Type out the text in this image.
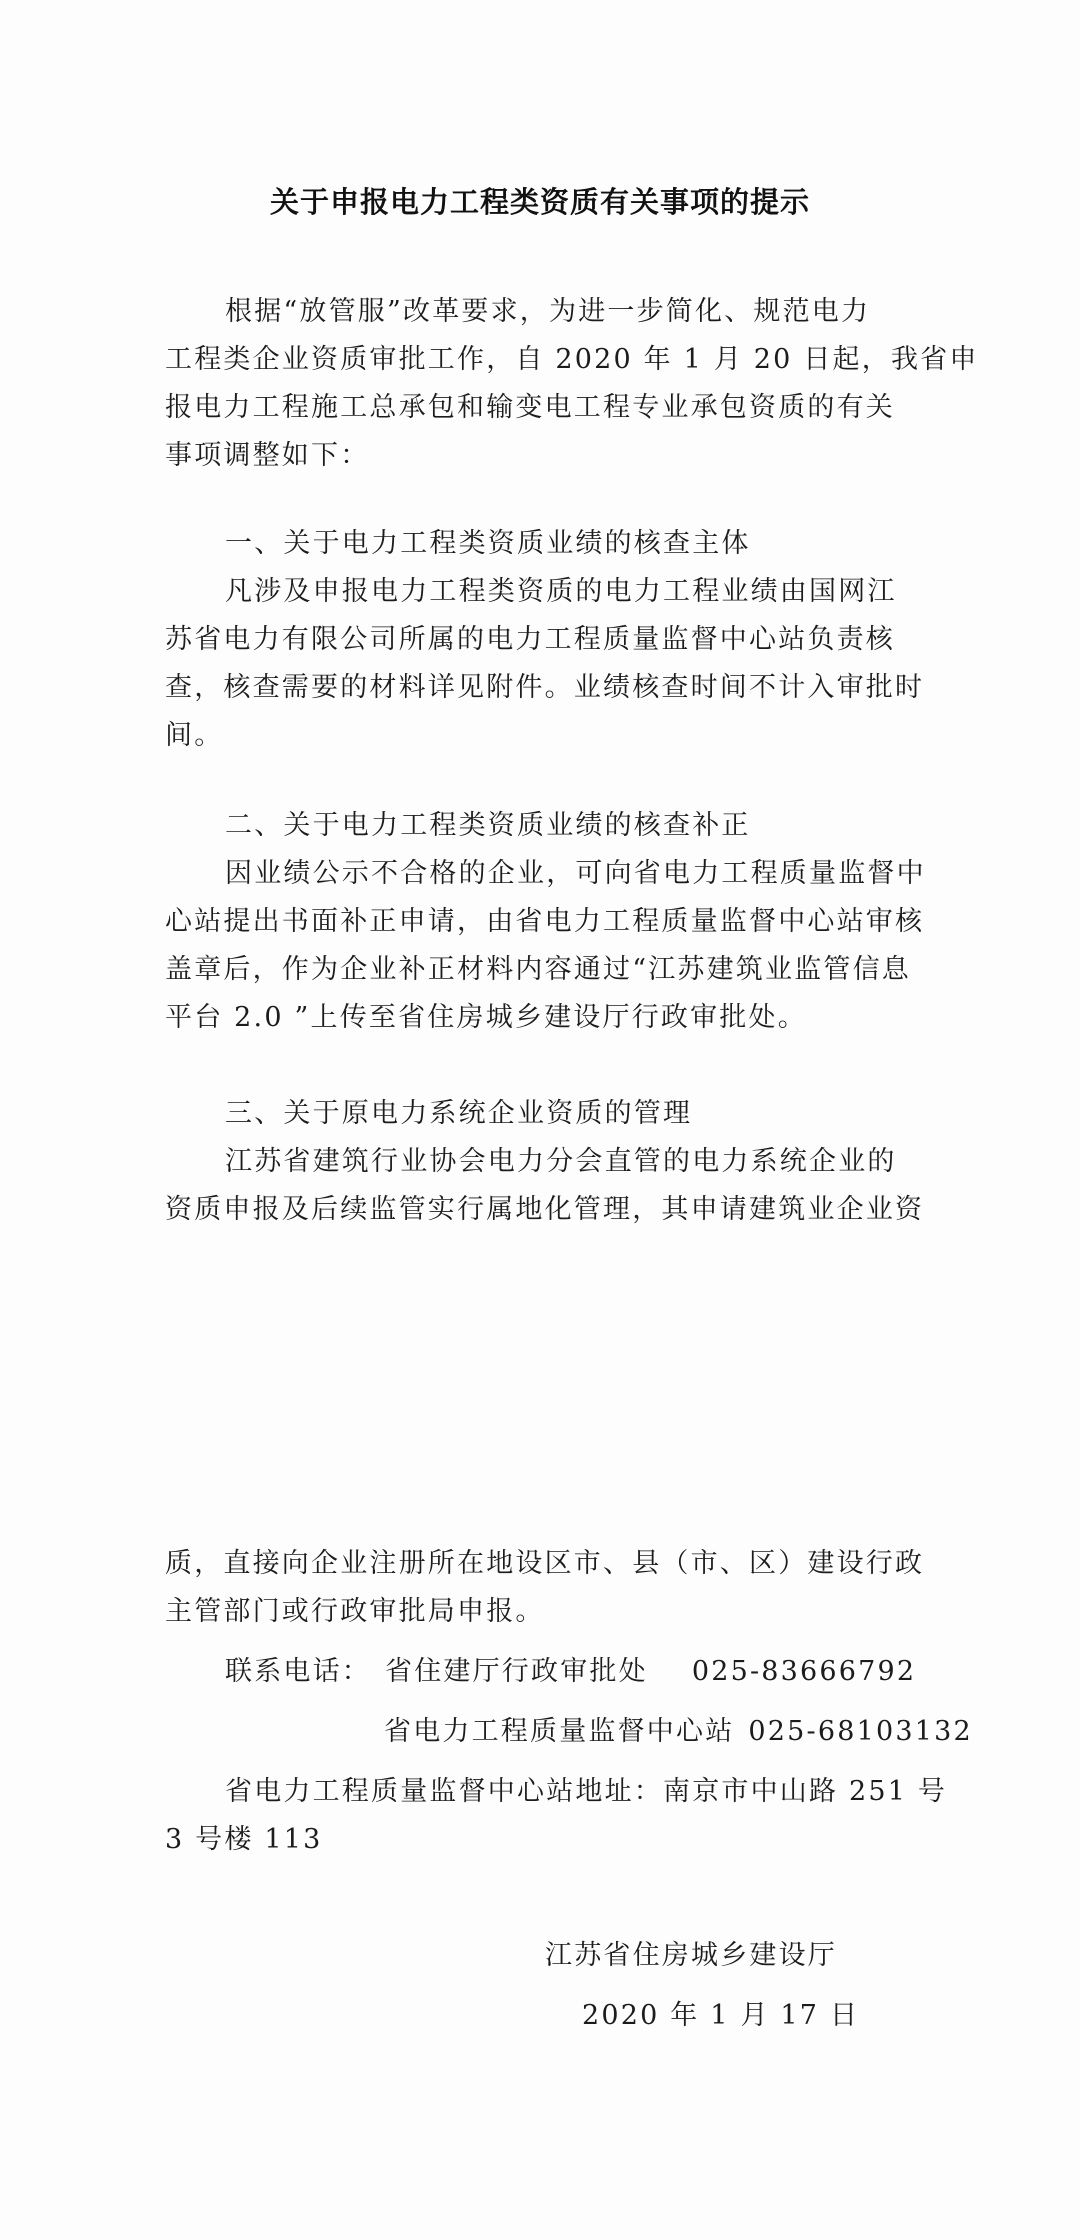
关于申报电力工程类资质有关事项的提示
根据“放管服”改革要求，为进一步简化、规范电力
工程类企业资质审批工作，自 2020 年 1 月 20 日起，我省申
报电力工程施工总承包和输变电工程专业承包资质的有关
事项调整如下：
一、关于电力工程类资质业绩的核查主体
凡涉及申报电力工程类资质的电力工程业绩由国网江
苏省电力有限公司所属的电力工程质量监督中心站负责核
查，核查需要的材料详见附件。业绩核查时间不计入审批时
间。
二、关于电力工程类资质业绩的核查补正
因业绩公示不合格的企业，可向省电力工程质量监督中
心站提出书面补正申请，由省电力工程质量监督中心站审核
盖章后，作为企业补正材料内容通过“江苏建筑业监管信息
平台 2.0 ”上传至省住房城乡建设厅行政审批处。
三、关于原电力系统企业资质的管理
江苏省建筑行业协会电力分会直管的电力系统企业的
资质申报及后续监管实行属地化管理，其申请建筑业企业资
质，直接向企业注册所在地设区市、县（市、区）建设行政
主管部门或行政审批局申报。
联系电话： 省住建厅行政审批处 025-83666792
省电力工程质量监督中心站 025-68103132
省电力工程质量监督中心站地址：南京市中山路 251 号
3 号楼 113
江苏省住房城乡建设厅
2020 年 1 月 17 日
